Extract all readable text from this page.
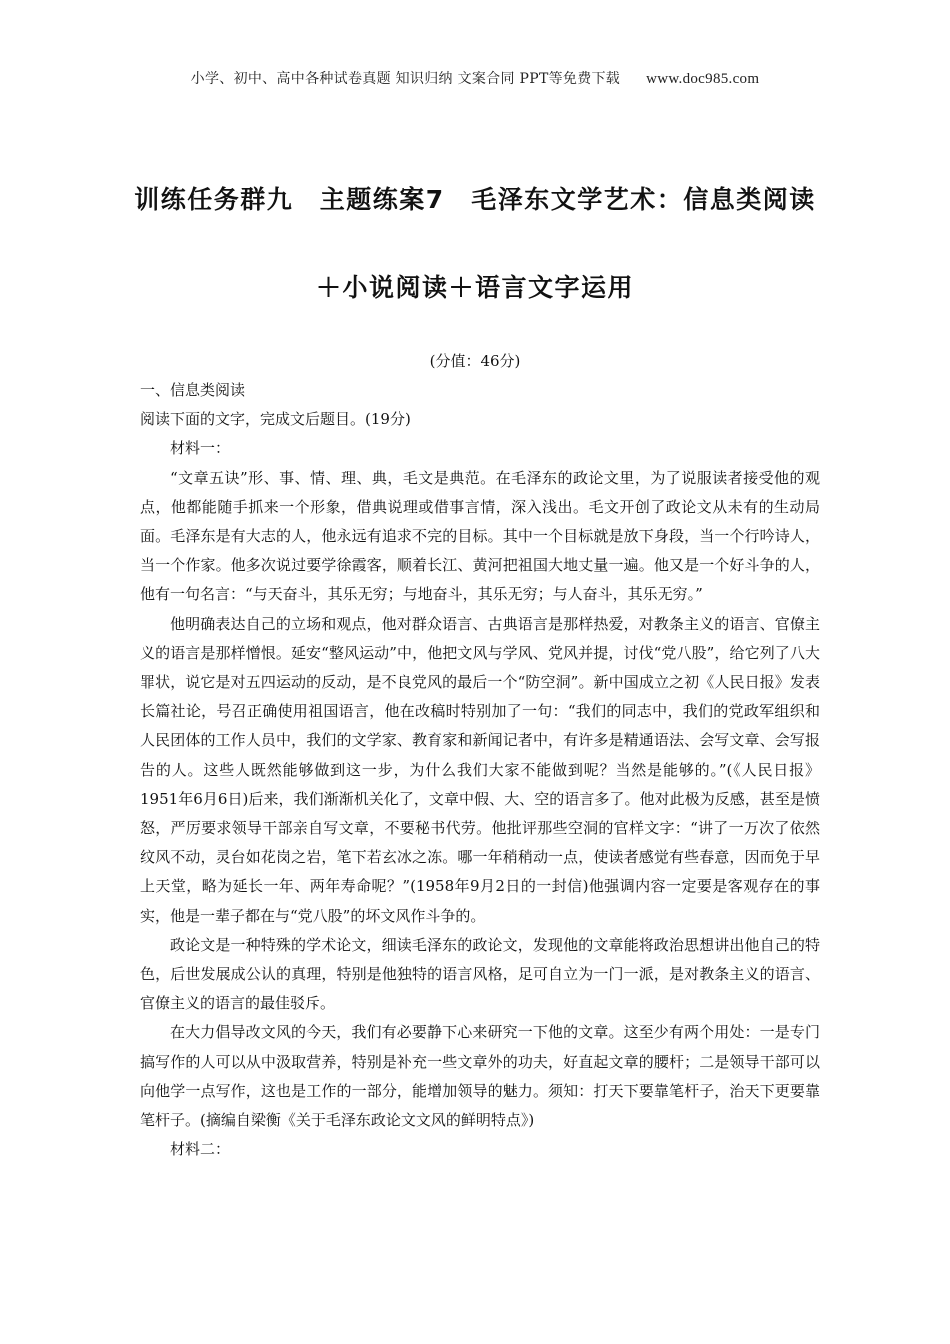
小学、初中、高中各种试卷真题 知识归纳 文案合同 PPT等免费下载 www.doc985.com
训练任务群九　主题练案7　毛泽东文学艺术：信息类阅读
＋小说阅读＋语言文字运用
(分值：46分)

一、信息类阅读

阅读下面的文字，完成文后题目。(19分)

材料一：

“文章五诀”形、事、情、理、典，毛文是典范。在毛泽东的政论文里，为了说服读者接受他的观点，他都能随手抓来一个形象，借典说理或借事言情，深入浅出。毛文开创了政论文从未有的生动局面。毛泽东是有大志的人，他永远有追求不完的目标。其中一个目标就是放下身段，当一个行吟诗人，当一个作家。他多次说过要学徐霞客，顺着长江、黄河把祖国大地丈量一遍。他又是一个好斗争的人，他有一句名言：“与天奋斗，其乐无穷；与地奋斗，其乐无穷；与人奋斗，其乐无穷。”

他明确表达自己的立场和观点，他对群众语言、古典语言是那样热爱，对教条主义的语言、官僚主义的语言是那样憎恨。延安“整风运动”中，他把文风与学风、党风并提，讨伐“党八股”，给它列了八大罪状，说它是对五四运动的反动，是不良党风的最后一个“防空洞”。新中国成立之初《人民日报》发表长篇社论，号召正确使用祖国语言，他在改稿时特别加了一句：“我们的同志中，我们的党政军组织和人民团体的工作人员中，我们的文学家、教育家和新闻记者中，有许多是精通语法、会写文章、会写报告的人。这些人既然能够做到这一步，为什么我们大家不能做到呢？当然是能够的。”(《人民日报》1951年6月6日)后来，我们渐渐机关化了，文章中假、大、空的语言多了。他对此极为反感，甚至是愤怒，严厉要求领导干部亲自写文章，不要秘书代劳。他批评那些空洞的官样文字：“讲了一万次了依然纹风不动，灵台如花岗之岩，笔下若玄冰之冻。哪一年稍稍动一点，使读者感觉有些春意，因而免于早上天堂，略为延长一年、两年寿命呢？”(1958年9月2日的一封信)他强调内容一定要是客观存在的事实，他是一辈子都在与“党八股”的坏文风作斗争的。

政论文是一种特殊的学术论文，细读毛泽东的政论文，发现他的文章能将政治思想讲出他自己的特色，后世发展成公认的真理，特别是他独特的语言风格，足可自立为一门一派，是对教条主义的语言、官僚主义的语言的最佳驳斥。

在大力倡导改文风的今天，我们有必要静下心来研究一下他的文章。这至少有两个用处：一是专门搞写作的人可以从中汲取营养，特别是补充一些文章外的功夫，好直起文章的腰杆；二是领导干部可以向他学一点写作，这也是工作的一部分，能增加领导的魅力。须知：打天下要靠笔杆子，治天下更要靠笔杆子。(摘编自梁衡《关于毛泽东政论文文风的鲜明特点》)

材料二：
